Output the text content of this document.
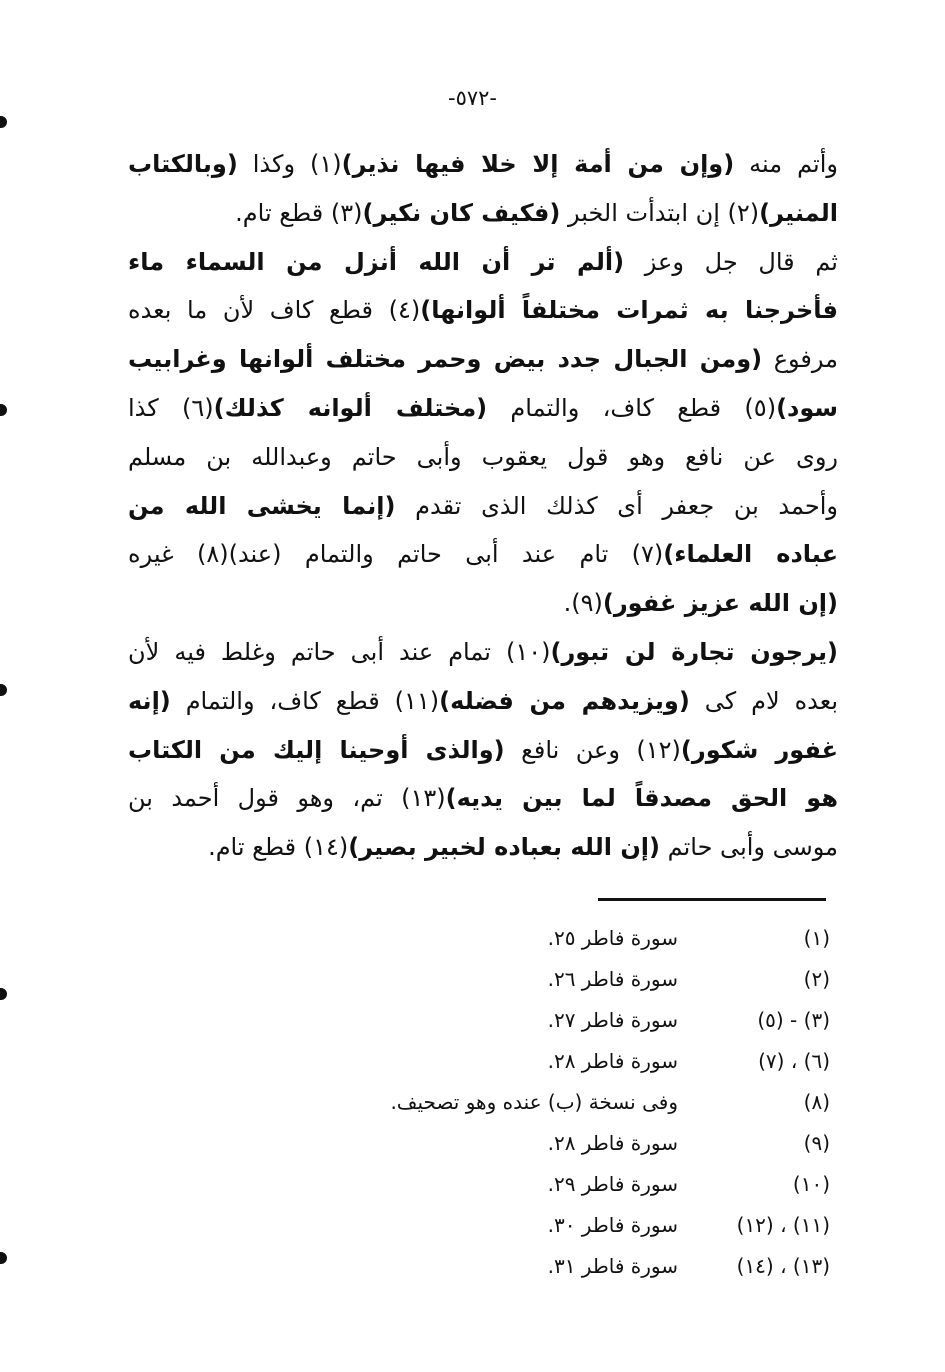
-٥٧٢-
وأتم منه (وإن من أمة إلا خلا فيها نذير)(١) وكذا (وبالكتاب
المنير)(٢) إن ابتدأت الخبر (فكيف كان نكير)(٣) قطع تام.
ثم قال جل وعز (ألم تر أن الله أنزل من السماء ماء
فأخرجنا به ثمرات مختلفاً ألوانها)(٤) قطع كاف لأن ما بعده
مرفوع (ومن الجبال جدد بيض وحمر مختلف ألوانها وغرابيب
سود)(٥) قطع كاف، والتمام (مختلف ألوانه كذلك)(٦) كذا
روى عن نافع وهو قول يعقوب وأبى حاتم وعبدالله بن مسلم
وأحمد بن جعفر أى كذلك الذى تقدم (إنما يخشى الله من
عباده العلماء)(٧) تام عند أبى حاتم والتمام (عند)(٨) غيره
(إن الله عزيز غفور)(٩).
(يرجون تجارة لن تبور)(١٠) تمام عند أبى حاتم وغلط فيه لأن
بعده لام كى (ويزيدهم من فضله)(١١) قطع كاف، والتمام (إنه
غفور شكور)(١٢) وعن نافع (والذى أوحينا إليك من الكتاب
هو الحق مصدقاً لما بين يديه)(١٣) تم، وهو قول أحمد بن
موسى وأبى حاتم (إن الله بعباده لخبير بصير)(١٤) قطع تام.
(١)
سورة فاطر ٢٥.
(٢)
سورة فاطر ٢٦.
(٣) - (٥)
سورة فاطر ٢٧.
(٦) ، (٧)
سورة فاطر ٢٨.
(٨)
وفى نسخة (ب) عنده وهو تصحيف.
(٩)
سورة فاطر ٢٨.
(١٠)
سورة فاطر ٢٩.
(١١) ، (١٢)
سورة فاطر ٣٠.
(١٣) ، (١٤)
سورة فاطر ٣١.
